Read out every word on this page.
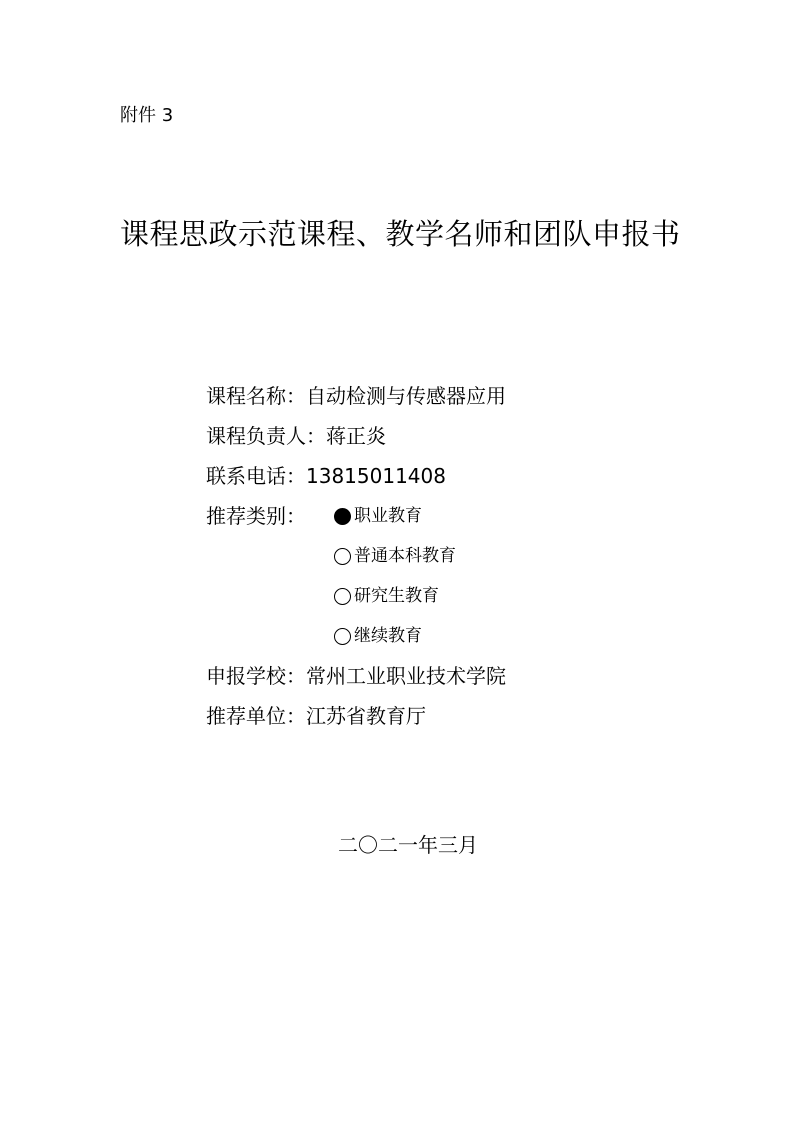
附件 3
课程思政示范课程、教学名师和团队申报书
课程名称：自动检测与传感器应用
课程负责人：蒋正炎
联系电话：13815011408
推荐类别：	职业教育
普通本科教育
研究生教育
继续教育
申报学校：常州工业职业技术学院
推荐单位：江苏省教育厅
二〇二一年三月
